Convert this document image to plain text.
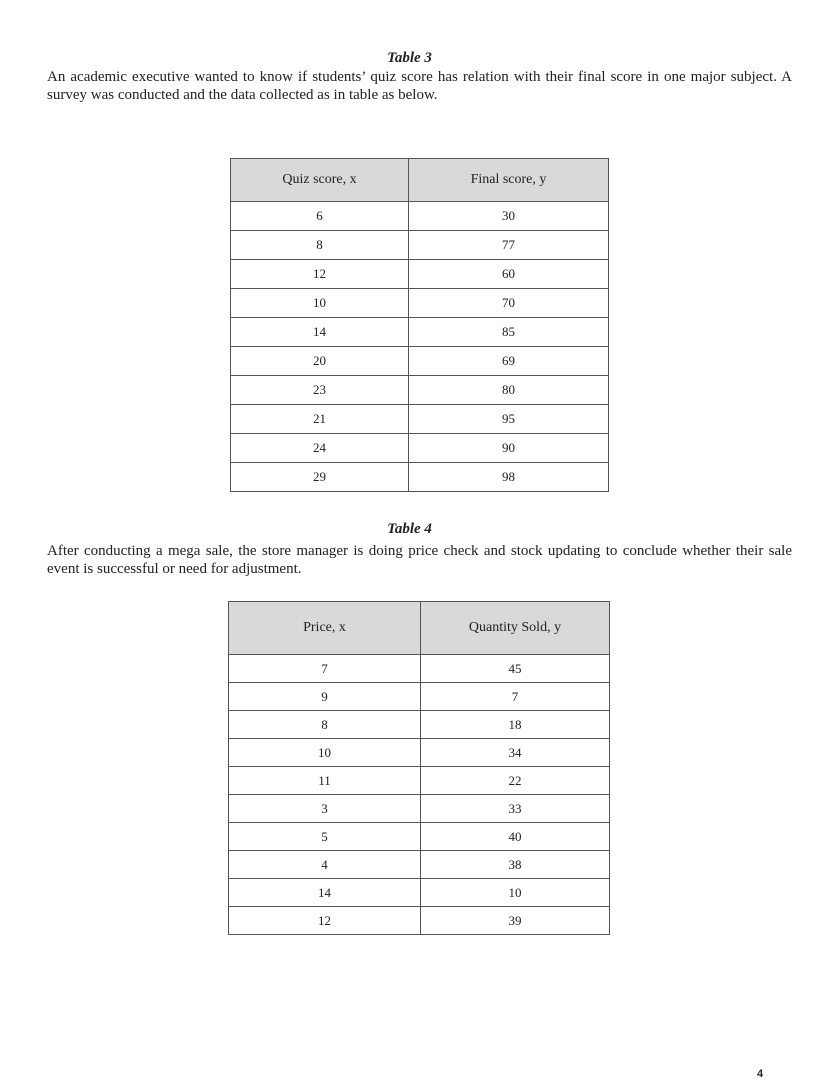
Table 3
An academic executive wanted to know if students’ quiz score has relation with their final score in one major subject. A survey was conducted and the data collected as in table as below.
Quiz score, x	Final score, y
6	30
8	77
12	60
10	70
14	85
20	69
23	80
21	95
24	90
29	98
Table 4
After conducting a mega sale, the store manager is doing price check and stock updating to conclude whether their sale event is successful or need for adjustment.
Price, x	Quantity Sold, y
7	45
9	7
8	18
10	34
11	22
3	33
5	40
4	38
14	10
12	39
4
